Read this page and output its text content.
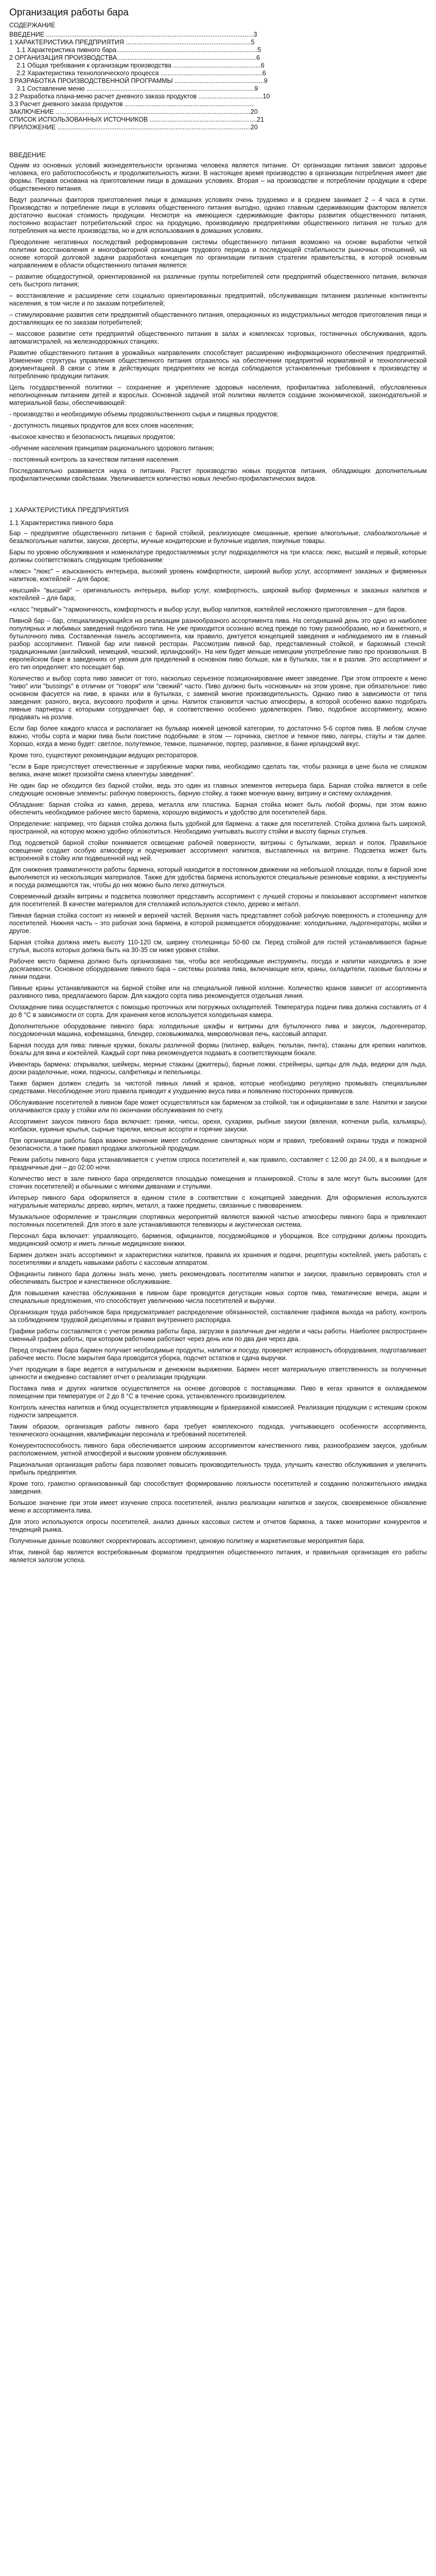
Организация работы бара
СОДЕРЖАНИЕ
ВВЕДЕНИЕ ....................................................................................................................3
1 ХАРАКТЕРИСТИКА ПРЕДПРИЯТИЯ ......................................................................5
1.1 Характеристика пивного бара...............................................................................5
2 ОРГАНИЗАЦИЯ ПРОИЗВОДСТВА..............................................................................6
2.1 Общая требования к организации производства .................................................6
2.2 Характеристика технологического процесса .........................................................6
3 РАЗРАБОТКА ПРОИЗВОДСТВЕННОЙ ПРОГРАММЫ ..................................................9
3.1 Составление меню ..............................................................................................9
3.2 Разработка плана-меню расчет дневного заказа продуктов ....................................10
3.3 Расчет дневного заказа продуктов ........................................................................
ЗАКЛЮЧЕНИЕ .............................................................................................................20
СПИСОК ИСПОЛЬЗОВАННЫХ ИСТОЧНИКОВ ............................................................21
ПРИЛОЖЕНИЕ ............................................................................................................20
ВВЕДЕНИЕ

Одним из основных условий жизнедеятельности организма человека является питание. От организации питания зависит здоровье человека, его работоспособность и продолжительность жизни. В настоящее время производство в организации потребления имеет две формы. Первая основана на приготовлении пищи в домашних условиях. Вторая – на производстве и потреблении продукции в сфере общественного питания.

Ведут различных факторов приготовления пищи в домашних условиях очень трудоемко и в среднем занимает 2 – 4 часа в сутки. Производство и потребление пищи в условиях общественного питания выгодно, однако главным сдерживающим фактором является достаточно высокая стоимость продукции. Несмотря на имеющиеся сдерживающие факторы развития общественного питания, постоянно возрастает потребительский спрос на продукцию, производимую предприятиями общественного питания не только для потребления на месте производства, но и для использования в домашних условиях.

Преодоление негативных последствий реформирования системы общественного питания возможно на основе выработки четкой политики восстановления и многофакторной организации трудового периода и последующей стабильности рыночных отношений, на основе которой долговой задачи разработана концепция по организации питания стратегии правительства, в которой основным направлением в области общественного питания является:

– развитие общедоступной, ориентированной на различные группы потребителей сети предприятий общественного питания, включая сеть быстрого питания;

– восстановление и расширение сети социально ориентированных предприятий, обслуживающих питанием различные контингенты населения, в том числе и по заказам потребителей;

– стимулирование развития сети предприятий общественного питания, операционных из индустриальных методов приготовления пищи и доставляющих ее по заказам потребителей;

– массовое развитие сети предприятий общественного питания в залах и комплексах торговых, гостиничных обслуживания, вдоль автомагистралей, на железнодорожных станциях.

Развитие общественного питания в урожайных направлениях способствует расширению информационного обеспечения предприятий. Изменение структуры управления общественного питания отразилось на обеспечении предприятий нормативной и технологической документацией. В связи с этим в действующих предприятиях не всегда соблюдаются установленные требования к производству и потреблению продукции питания.

Цель государственной политики – сохранение и укрепление здоровья населения, профилактика заболеваний, обусловленных неполноценным питанием детей и взрослых. Основной задачей этой политики является создание экономической, законодательной и материальной базы, обеспечивающей:

- производство и необходимую объемы продовольственного сырья и пищевых продуктов;

- доступность пищевых продуктов для всех слоев населения;

-высокое качество и безопасность пищевых продуктов;

-обучение населения принципам рационального здорового питания;

- постоянный контроль за качеством питания населения.

Последовательно развивается наука о питании. Растет производство новых продуктов питания, обладающих дополнительным профилактическими свойствами. Увеличивается количество новых лечебно-профилактических видов.

1 ХАРАКТЕРИСТИКА ПРЕДПРИЯТИЯ
1.1 Характеристика пивного бара

Бар – предприятие общественного питания с барной стойкой, реализующее смешанные, крепкие алкогольные, слабоалкогольные и безалкогольные напитки, закуски, десерты, мучные кондитерские и булочные изделия, покупные товары.

Бары по уровню обслуживания и номенклатуре предоставляемых услуг подразделяются на три класса: люкс, высший и первый, которые должны соответствовать следующим требованиям:

«люкс» "люкс" – изысканность интерьера, высокий уровень комфортности, широкий выбор услуг, ассортимент заказных и фирменных напитков, коктейлей – для баров;

«высший» "высший" – оригинальность интерьера, выбор услуг, комфортность, широкий выбор фирменных и заказных напитков и коктейлей – для бара;

«класс "первый"» "гармоничность, комфортность и выбор услуг, выбор напитков, коктейлей несложного приготовления – для баров.

Пивной бар – бар, специализирующийся на реализации разнообразного ассортимента пива. На сегодняшний день это одно из наиболее популярных и любимых заведений подобного типа. Не уже приходится осознано вслед прежде по тому разнообразию, но и банкетного, и бутылочного пива. Составленная панель ассортимента, как правило, диктуется концепцией заведения и наблюдаемого им в главный разбор ассортимент. Пивной бар или пивной ресторан. Рассмотрим пивной бар, представленный стойкой, и баркомный стеной: традиционными (английский, немецкий, чешский, ирландский)». На нем будет меньше немецким употребление пиво про произвольная. В европейском баре в заведениях от увокия для пределений в основном пиво больше, как в бутылках, так и в разлив. Это ассортимент и его тип определяет: кто посещает бар.

Количество и выбор сорта пиво зависит от того, насколько серьезное позиционирование имеет заведение. При этом отпроекте к меню "пиво" или "bussings" в отличии от "говоря" или "свежий" часто. Пиво должно быть «основным» на этом уровне, при обязательное: пиво основном фасуется на пиве, в кранах или в бутылках, с заменой многие производительность. Однако пиво в зависимости от типа заведения: разного, вкуса, вкусового профиля и цены. Напиток становится частью атмосферы, в которой особенно важно подобрать пивные партнеры с которыми сотрудничает бар, и соответственно особенно удовлетворен. Пиво, подобное ассортименту, можно продавать на розлив.

Если бар более каждого класса и располагает на бульвар нижней ценовой категории, то достаточно 5-6 сортов пива. В любом случае важно, чтобы сорта и марки пива были поистине подобными: в этом — горчинка, светлое и темное пиво, лагеры, стауты и так далее. Хорошо, когда в меню будет: светлое, полутемное, темное, пшеничное, портер, разливное, в банке ирландский вкус.

Кроме того, существуют рекомендации ведущих рестораторов.

"если в Баре присутствует отечественные и зарубежные марки пива, необходимо сделать так, чтобы разница в цене была не слишком велика, иначе может произойти смена клиентуры заведения".

Не один бар не обходится без барной стойки, ведь это один из главных элементов интерьера бара. Барная стойка является в себе следующие основные элементы: рабочую поверхность, барную стойку, а также моечную ванну, витрину и систему охлаждения.

Обладание: барная стойка из камня, дерева, металла или пластика. Барная стойка может быть любой формы, при этом важно обеспечить необходимое рабочее место бармена, хорошую видимость и удобство для посетителей бара.

Определение: например, что барная стойка должна быть удобной для бармена: а также для посетителей. Стойка должна быть широкой, пространной, на которую можно удобно облокотиться. Необходимо учитывать высоту стойки и высоту барных стульев.

Под подсветкой барной стойки понимается освещение рабочей поверхности, витрины с бутылками, зеркал и полок. Правильное освещение создает особую атмосферу и подчеркивает ассортимент напитков, выставленных на витрине. Подсветка может быть встроенной в стойку или подвешенной над ней.

Для снижения травматичности работы бармена, который находится в постоянном движении на небольшой площади, полы в барной зоне выполняются из нескользящих материалов. Также для удобства бармена используются специальные резиновые коврики, а инструменты и посуда размещаются так, чтобы до них можно было легко дотянуться.

Современный дизайн витрины и подсветка позволяют представить ассортимент с лучшей стороны и показывают ассортимент напитков для посетителей. В качестве материалов для стеллажей используются стекло, дерево и металл.

Пивная барная стойка состоит из нижней и верхней частей. Верхняя часть представляет собой рабочую поверхность и столешницу для посетителей. Нижняя часть – это рабочая зона бармена, в которой размещается оборудование: холодильники, льдогенераторы, мойки и другое.

Барная стойка должна иметь высоту 110-120 см, ширину столешницы 50-60 см. Перед стойкой для гостей устанавливаются барные стулья, высота которых должна быть на 30-35 см ниже уровня стойки.

Рабочее место бармена должно быть организовано так, чтобы все необходимые инструменты, посуда и напитки находились в зоне досягаемости. Основное оборудование пивного бара – системы розлива пива, включающие кеги, краны, охладители, газовые баллоны и линии подачи.

Пивные краны устанавливаются на барной стойке или на специальной пивной колонне. Количество кранов зависит от ассортимента разливного пива, предлагаемого баром. Для каждого сорта пива рекомендуется отдельная линия.

Охлаждение пива осуществляется с помощью проточных или погружных охладителей. Температура подачи пива должна составлять от 4 до 8 °С в зависимости от сорта. Для хранения кегов используется холодильная камера.

Дополнительное оборудование пивного бара: холодильные шкафы и витрины для бутылочного пива и закусок, льдогенератор, посудомоечная машина, кофемашина, блендер, соковыжималка, микроволновая печь, кассовый аппарат.

Барная посуда для пива: пивные кружки, бокалы различной формы (пилзнер, вайцен, тюльпан, пинта), стаканы для крепких напитков, бокалы для вина и коктейлей. Каждый сорт пива рекомендуется подавать в соответствующем бокале.

Инвентарь бармена: открывалки, шейкеры, мерные стаканы (джиггеры), барные ложки, стрейнеры, щипцы для льда, ведерки для льда, доски разделочные, ножи, подносы, салфетницы и пепельницы.

Также бармен должен следить за чистотой пивных линий и кранов, которые необходимо регулярно промывать специальными средствами. Несоблюдение этого правила приводит к ухудшению вкуса пива и появлению посторонних привкусов.

Обслуживание посетителей в пивном баре может осуществляться как барменом за стойкой, так и официантами в зале. Напитки и закуски оплачиваются сразу у стойки или по окончании обслуживания по счету.

Ассортимент закусок пивного бара включает: гренки, чипсы, орехи, сухарики, рыбные закуски (вяленая, копченая рыба, кальмары), колбаски, куриные крылья, сырные тарелки, мясные ассорти и горячие закуски.

При организации работы бара важное значение имеет соблюдение санитарных норм и правил, требований охраны труда и пожарной безопасности, а также правил продажи алкогольной продукции.

Режим работы пивного бара устанавливается с учетом спроса посетителей и, как правило, составляет с 12.00 до 24.00, а в выходные и праздничные дни – до 02.00 ночи.

Количество мест в зале пивного бара определяется площадью помещения и планировкой. Столы в зале могут быть высокими (для стоячих посетителей) и обычными с мягкими диванами и стульями.

Интерьер пивного бара оформляется в едином стиле в соответствии с концепцией заведения. Для оформления используются натуральные материалы: дерево, кирпич, металл, а также предметы, связанные с пивоварением.

Музыкальное оформление и трансляции спортивных мероприятий являются важной частью атмосферы пивного бара и привлекают постоянных посетителей. Для этого в зале устанавливаются телевизоры и акустическая система.

Персонал бара включает: управляющего, барменов, официантов, посудомойщиков и уборщиков. Все сотрудники должны проходить медицинский осмотр и иметь личные медицинские книжки.

Бармен должен знать ассортимент и характеристики напитков, правила их хранения и подачи, рецептуры коктейлей, уметь работать с посетителями и владеть навыками работы с кассовым аппаратом.

Официанты пивного бара должны знать меню, уметь рекомендовать посетителям напитки и закуски, правильно сервировать стол и обеспечивать быстрое и качественное обслуживание.

Для повышения качества обслуживания в пивном баре проводятся дегустации новых сортов пива, тематические вечера, акции и специальные предложения, что способствует увеличению числа посетителей и выручки.

Организация труда работников бара предусматривает распределение обязанностей, составление графиков выхода на работу, контроль за соблюдением трудовой дисциплины и правил внутреннего распорядка.

Графики работы составляются с учетом режима работы бара, загрузки в различные дни недели и часы работы. Наиболее распространен сменный график работы, при котором работники работают через день или по два дня через два.

Перед открытием бара бармен получает необходимые продукты, напитки и посуду, проверяет исправность оборудования, подготавливает рабочее место. После закрытия бара проводится уборка, подсчет остатков и сдача выручки.

Учет продукции в баре ведется в натуральном и денежном выражении. Бармен несет материальную ответственность за полученные ценности и ежедневно составляет отчет о реализации продукции.

Поставка пива и других напитков осуществляется на основе договоров с поставщиками. Пиво в кегах хранится в охлаждаемом помещении при температуре от 2 до 8 °С в течение срока, установленного производителем.

Контроль качества напитков и блюд осуществляется управляющим и бракеражной комиссией. Реализация продукции с истекшим сроком годности запрещается.

Таким образом, организация работы пивного бара требует комплексного подхода, учитывающего особенности ассортимента, технического оснащения, квалификации персонала и требований посетителей.

Конкурентоспособность пивного бара обеспечивается широким ассортиментом качественного пива, разнообразием закусок, удобным расположением, уютной атмосферой и высоким уровнем обслуживания.

Рациональная организация работы бара позволяет повысить производительность труда, улучшить качество обслуживания и увеличить прибыль предприятия.

Кроме того, грамотно организованный бар способствует формированию лояльности посетителей и созданию положительного имиджа заведения.

Большое значение при этом имеет изучение спроса посетителей, анализ реализации напитков и закусок, своевременное обновление меню и ассортимента пива.

Для этого используются опросы посетителей, анализ данных кассовых систем и отчетов бармена, а также мониторинг конкурентов и тенденций рынка.

Полученные данные позволяют скорректировать ассортимент, ценовую политику и маркетинговые мероприятия бара.

Итак, пивной бар является востребованным форматом предприятия общественного питания, и правильная организация его работы является залогом успеха.
